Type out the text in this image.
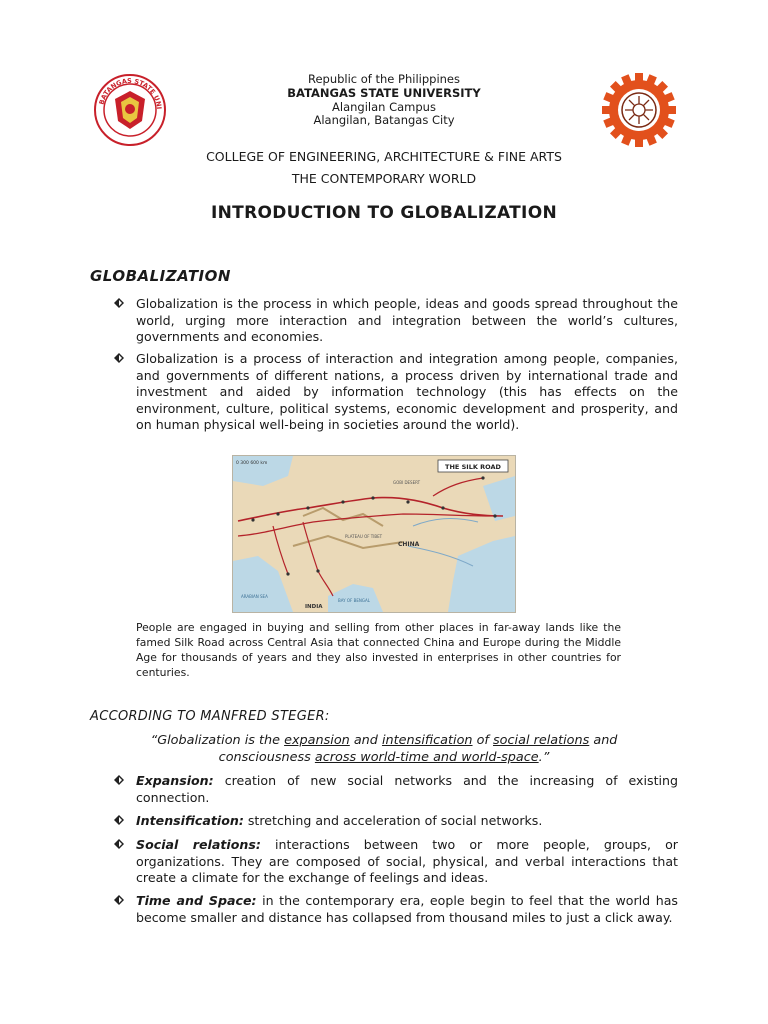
BATANGAS STATE UNI
Republic of the Philippines
BATANGAS STATE UNIVERSITY
Alangilan Campus
Alangilan, Batangas City
COLLEGE OF ENGINEERING, ARCHITECTURE & FINE ARTS
THE CONTEMPORARY WORLD
INTRODUCTION TO GLOBALIZATION
GLOBALIZATION
Globalization is the process in which people, ideas and goods spread throughout the world, urging more interaction and integration between the world’s cultures, governments and economies.
Globalization is a process of interaction and integration among people, companies, and governments of different nations, a process driven by international trade and investment and aided by information technology (this has effects on the environment, culture, political systems, economic development and prosperity, and on human physical well-being in societies around the world).
THE SILK ROAD
0 300 600 km
CHINA
INDIA
ARABIAN SEA
BAY OF BENGAL
GOBI DESERT
PLATEAU OF TIBET
People are engaged in buying and selling from other places in far-away lands like the famed Silk Road across Central Asia that connected China and Europe during the Middle Age for thousands of years and they also invested in enterprises in other countries for centuries.
ACCORDING TO MANFRED STEGER:
“Globalization is the expansion and intensification of social relations and
consciousness across world-time and world-space.”
Expansion: creation of new social networks and the increasing of existing connection.
Intensification: stretching and acceleration of social networks.
Social relations: interactions between two or more people, groups, or organizations. They are composed of social, physical, and verbal interactions that create a climate for the exchange of feelings and ideas.
Time and Space: in the contemporary era, eople begin to feel that the world has become smaller and distance has collapsed from thousand miles to just a click away.
